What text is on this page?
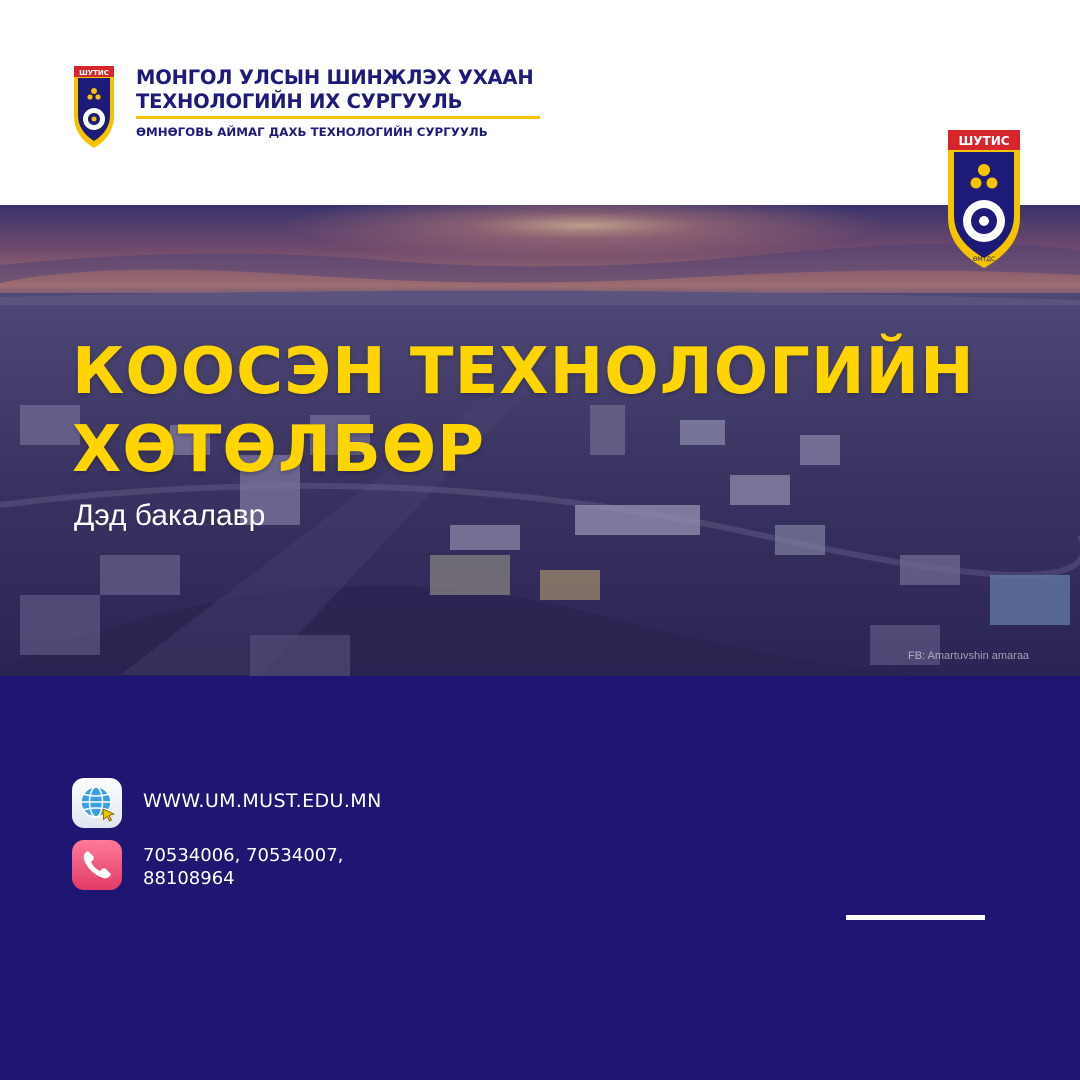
ШУТИС МОНГОЛ УЛСЫН ШИНЖЛЭХ УХААН
ТЕХНОЛОГИЙН ИХ СУРГУУЛЬ
ӨМНӨГОВЬ АЙМАГ ДАХЬ ТЕХНОЛОГИЙН СУРГУУЛЬ
КООСЭН ТЕХНОЛОГИЙН
ХӨТӨЛБӨР

Дэд бакалавр

FB: Amartuvshin amaraa
ШУТИС
ӨМТДС
WWW.UM.MUST.EDU.MN
70534006, 70534007,
88108964
